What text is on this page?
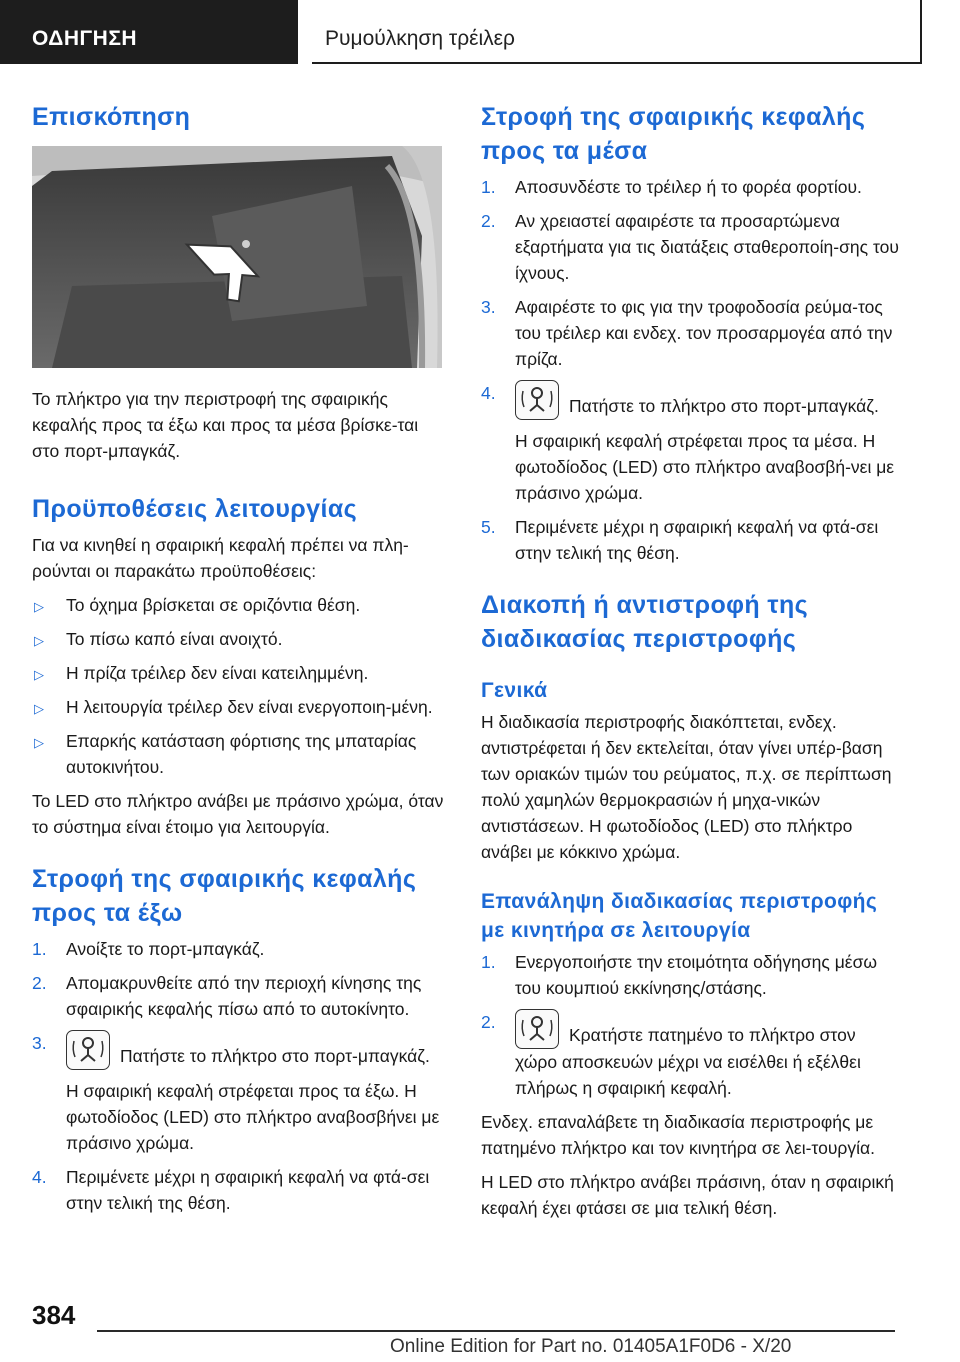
ΟΔΗΓΗΣΗ	Ρυμούλκηση τρέιλερ
Επισκόπηση
Το πλήκτρο για την περιστροφή της σφαιρικής κεφαλής προς τα έξω και προς τα μέσα βρίσκε-ται στο πορτ-μπαγκάζ.
Προϋποθέσεις λειτουργίας
Για να κινηθεί η σφαιρική κεφαλή πρέπει να πλη-ρούνται οι παρακάτω προϋποθέσεις:
▷	Το όχημα βρίσκεται σε οριζόντια θέση.
▷	Το πίσω καπό είναι ανοιχτό.
▷	Η πρίζα τρέιλερ δεν είναι κατειλημμένη.
▷	Η λειτουργία τρέιλερ δεν είναι ενεργοποιη-μένη.
▷	Επαρκής κατάσταση φόρτισης της μπαταρίας αυτοκινήτου.
Το LED στο πλήκτρο ανάβει με πράσινο χρώμα, όταν το σύστημα είναι έτοιμο για λειτουργία.
Στροφή της σφαιρικής κεφαλής προς τα έξω
1. Ανοίξτε το πορτ-μπαγκάζ.
2. Απομακρυνθείτε από την περιοχή κίνησης της σφαιρικής κεφαλής πίσω από το αυτοκίνητο.
3.
Πατήστε το πλήκτρο στο πορτ-μπαγκάζ.
Η σφαιρική κεφαλή στρέφεται προς τα έξω. Η φωτοδίοδος (LED) στο πλήκτρο αναβοσβήνει με πράσινο χρώμα.
4. Περιμένετε μέχρι η σφαιρική κεφαλή να φτά-σει στην τελική της θέση.
Στροφή της σφαιρικής κεφαλής προς τα μέσα
1. Αποσυνδέστε το τρέιλερ ή το φορέα φορτίου.
2. Αν χρειαστεί αφαιρέστε τα προσαρτώμενα εξαρτήματα για τις διατάξεις σταθεροποίη-σης του ίχνους.
3. Αφαιρέστε το φις για την τροφοδοσία ρεύμα-τος του τρέιλερ και ενδεχ. τον προσαρμογέα από την πρίζα.
4.
Πατήστε το πλήκτρο στο πορτ-μπαγκάζ.
Η σφαιρική κεφαλή στρέφεται προς τα μέσα. Η φωτοδίοδος (LED) στο πλήκτρο αναβοσβή-νει με πράσινο χρώμα.
5. Περιμένετε μέχρι η σφαιρική κεφαλή να φτά-σει στην τελική της θέση.
Διακοπή ή αντιστροφή της διαδικασίας περιστροφής
Γενικά
Η διαδικασία περιστροφής διακόπτεται, ενδεχ. αντιστρέφεται ή δεν εκτελείται, όταν γίνει υπέρ-βαση των οριακών τιμών του ρεύματος, π.χ. σε περίπτωση πολύ χαμηλών θερμοκρασιών ή μηχα-νικών αντιστάσεων. Η φωτοδίοδος (LED) στο πλήκτρο ανάβει με κόκκινο χρώμα.
Επανάληψη διαδικασίας περιστροφής με κινητήρα σε λειτουργία
1. Ενεργοποιήστε την ετοιμότητα οδήγησης μέσω του κουμπιού εκκίνησης/στάσης.
2.
Κρατήστε πατημένο το πλήκτρο στον χώρο αποσκευών μέχρι να εισέλθει ή εξέλθει πλήρως η σφαιρική κεφαλή.
Ενδεχ. επαναλάβετε τη διαδικασία περιστροφής με πατημένο πλήκτρο και τον κινητήρα σε λει-τουργία.
Η LED στο πλήκτρο ανάβει πράσινη, όταν η σφαιρική κεφαλή έχει φτάσει σε μια τελική θέση.
384
Online Edition for Part no. 01405A1F0D6 - X/20
